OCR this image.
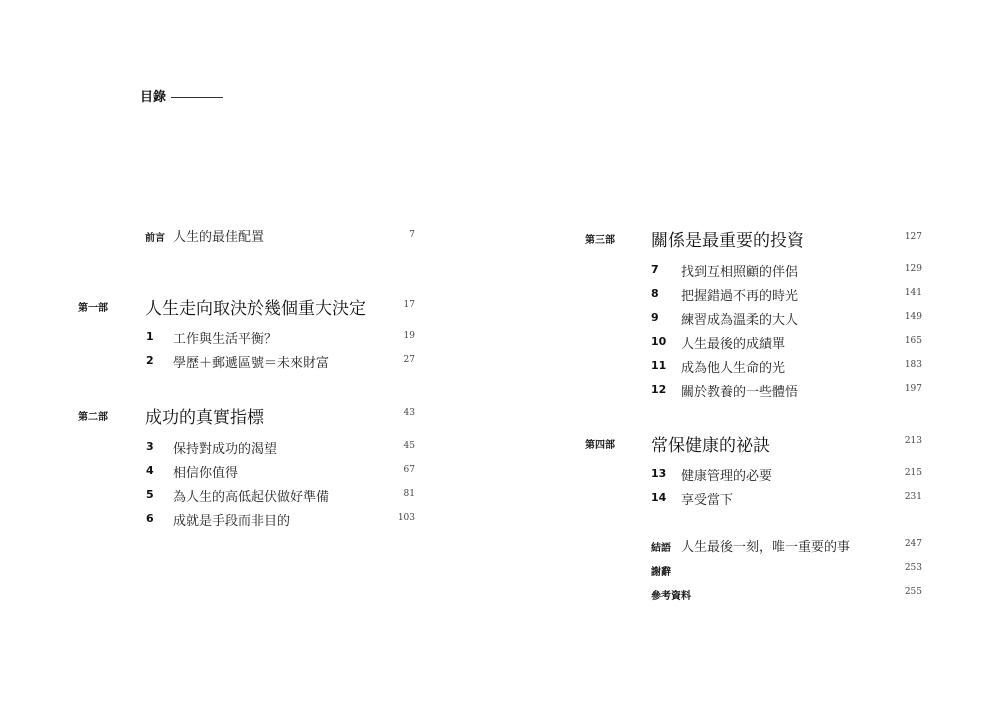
目錄
前言 人生的最佳配置	7
第一部 人生走向取決於幾個重大決定	17
1 工作與生活平衡？	19
2 學歷＋郵遞區號＝未來財富	27
第二部 成功的真實指標	43
3 保持對成功的渴望	45
4 相信你值得	67
5 為人生的高低起伏做好準備	81
6 成就是手段而非目的	103
第三部 關係是最重要的投資	127
7 找到互相照顧的伴侶	129
8 把握錯過不再的時光	141
9 練習成為溫柔的大人	149
10 人生最後的成績單	165
11 成為他人生命的光	183
12 關於教養的一些體悟	197
第四部 常保健康的祕訣	213
13 健康管理的必要	215
14 享受當下	231
結語 人生最後一刻，唯一重要的事	247
謝辭	253
參考資料	255
